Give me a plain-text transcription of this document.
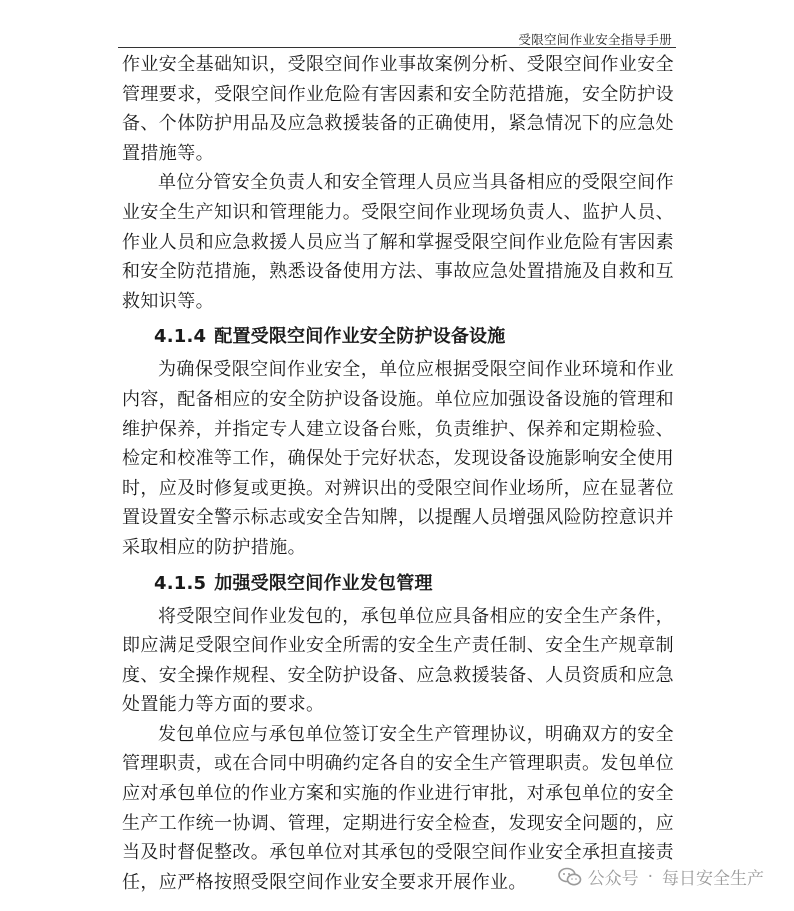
受限空间作业安全指导手册

作业安全基础知识，受限空间作业事故案例分析、受限空间作业安全管理要求，受限空间作业危险有害因素和安全防范措施，安全防护设备、个体防护用品及应急救援装备的正确使用，紧急情况下的应急处置措施等。

单位分管安全负责人和安全管理人员应当具备相应的受限空间作业安全生产知识和管理能力。受限空间作业现场负责人、监护人员、作业人员和应急救援人员应当了解和掌握受限空间作业危险有害因素和安全防范措施，熟悉设备使用方法、事故应急处置措施及自救和互救知识等。

4.1.4 配置受限空间作业安全防护设备设施

为确保受限空间作业安全，单位应根据受限空间作业环境和作业内容，配备相应的安全防护设备设施。单位应加强设备设施的管理和维护保养，并指定专人建立设备台账，负责维护、保养和定期检验、检定和校准等工作，确保处于完好状态，发现设备设施影响安全使用时，应及时修复或更换。对辨识出的受限空间作业场所，应在显著位置设置安全警示标志或安全告知牌，以提醒人员增强风险防控意识并采取相应的防护措施。

4.1.5 加强受限空间作业发包管理

将受限空间作业发包的，承包单位应具备相应的安全生产条件，即应满足受限空间作业安全所需的安全生产责任制、安全生产规章制度、安全操作规程、安全防护设备、应急救援装备、人员资质和应急处置能力等方面的要求。

发包单位应与承包单位签订安全生产管理协议，明确双方的安全管理职责，或在合同中明确约定各自的安全生产管理职责。发包单位应对承包单位的作业方案和实施的作业进行审批，对承包单位的安全生产工作统一协调、管理，定期进行安全检查，发现安全问题的，应当及时督促整改。承包单位对其承包的受限空间作业安全承担直接责任，应严格按照受限空间作业安全要求开展作业。	公众号 · 每日安全生产
